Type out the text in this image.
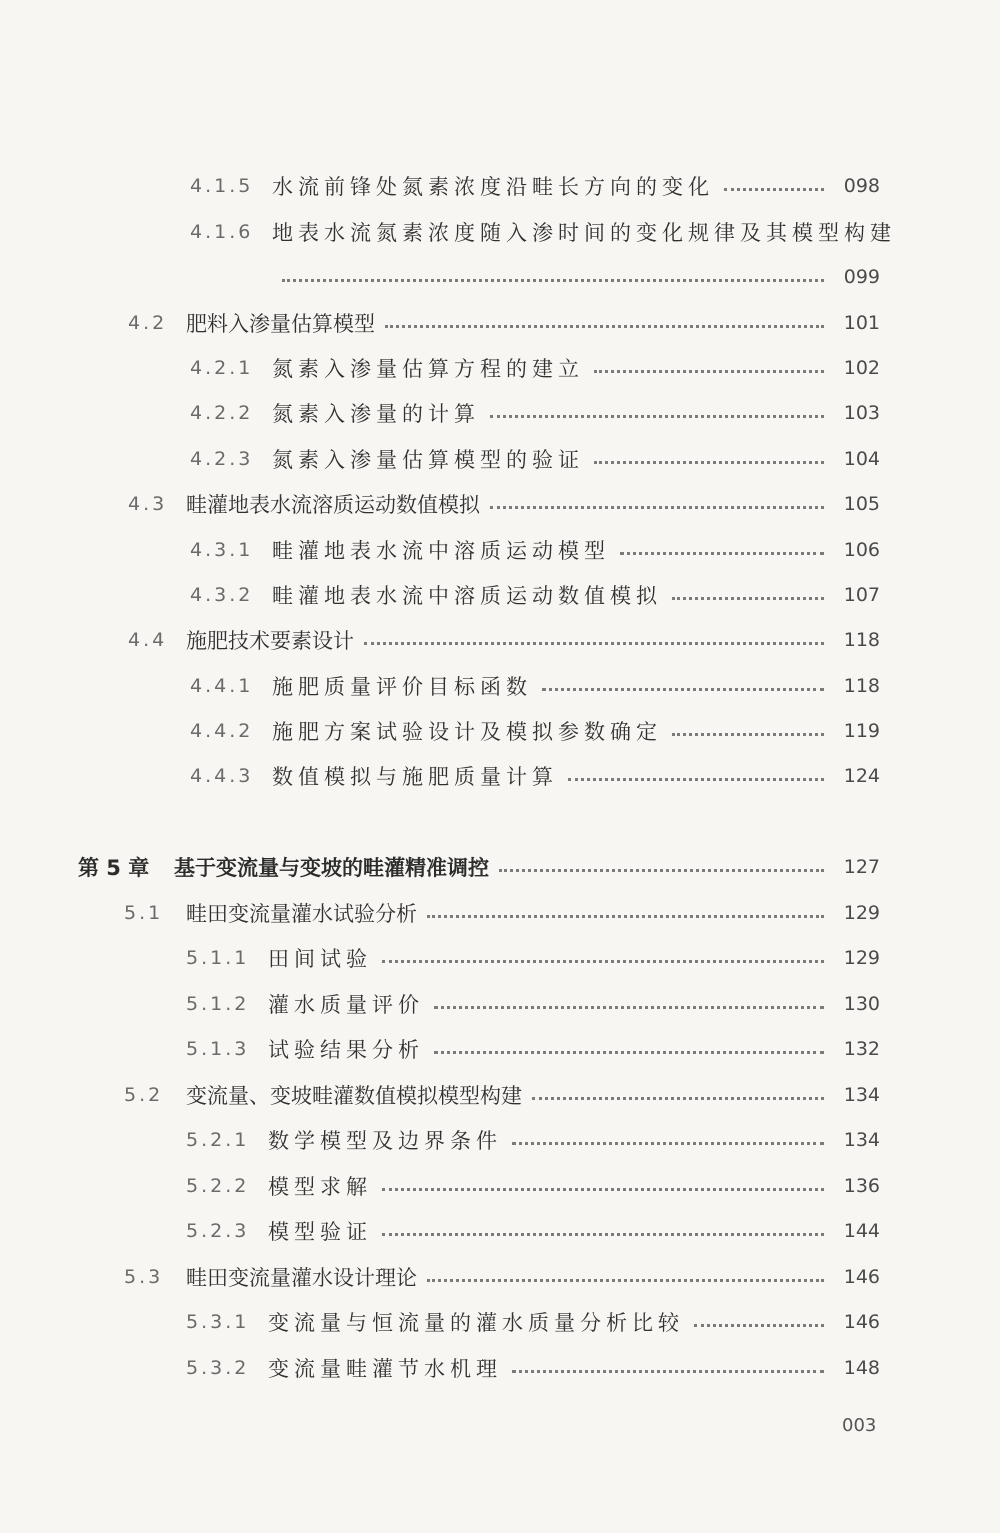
4.1.5 水流前锋处氮素浓度沿畦长方向的变化	098
4.1.6 地表水流氮素浓度随入渗时间的变化规律及其模型构建
099
4.2 肥料入渗量估算模型	101
4.2.1 氮素入渗量估算方程的建立	102
4.2.2 氮素入渗量的计算	103
4.2.3 氮素入渗量估算模型的验证	104
4.3 畦灌地表水流溶质运动数值模拟	105
4.3.1 畦灌地表水流中溶质运动模型	106
4.3.2 畦灌地表水流中溶质运动数值模拟	107
4.4 施肥技术要素设计	118
4.4.1 施肥质量评价目标函数	118
4.4.2 施肥方案试验设计及模拟参数确定	119
4.4.3 数值模拟与施肥质量计算	124
第 5 章	基于变流量与变坡的畦灌精准调控	127
5.1	畦田变流量灌水试验分析	129
5.1.1 田间试验	129
5.1.2 灌水质量评价	130
5.1.3 试验结果分析	132
5.2	变流量、变坡畦灌数值模拟模型构建	134
5.2.1 数学模型及边界条件	134
5.2.2 模型求解	136
5.2.3 模型验证	144
5.3	畦田变流量灌水设计理论	146
5.3.1 变流量与恒流量的灌水质量分析比较	146
5.3.2 变流量畦灌节水机理	148
003
